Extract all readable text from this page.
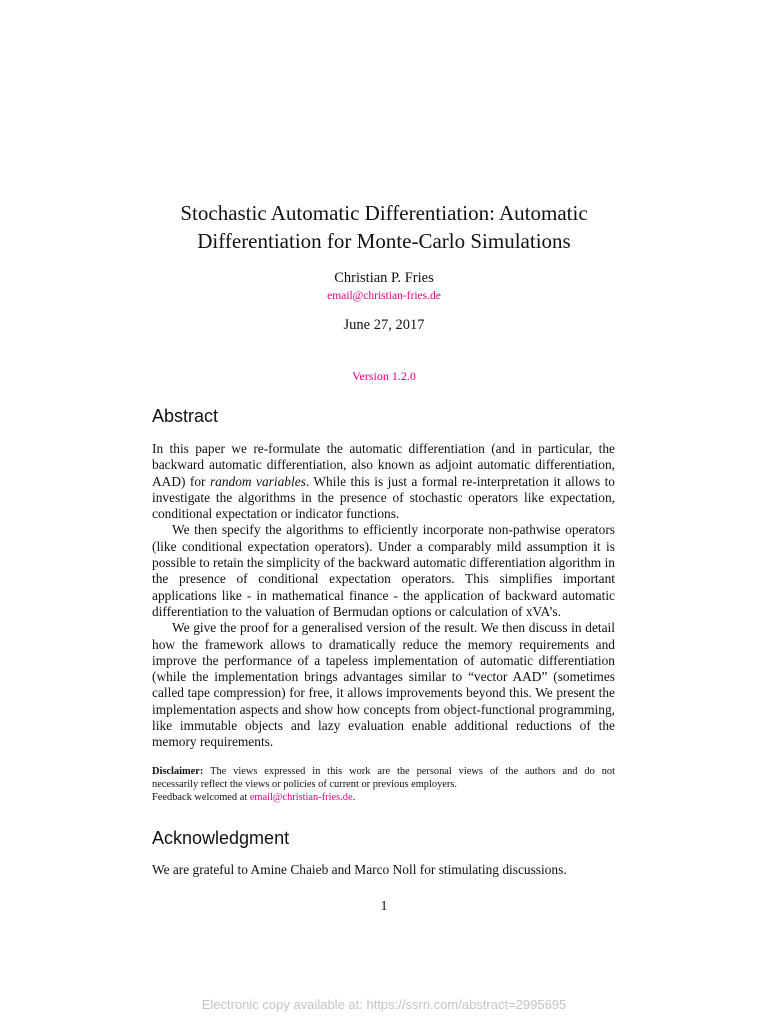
Stochastic Automatic Differentiation: Automatic
Differentiation for Monte-Carlo Simulations
Christian P. Fries
email@christian-fries.de
June 27, 2017
Version 1.2.0
Abstract

In this paper we re-formulate the automatic differentiation (and in particular, the backward automatic differentiation, also known as adjoint automatic differentiation, AAD) for random variables. While this is just a formal re-interpretation it allows to investigate the algorithms in the presence of stochastic operators like expectation, conditional expectation or indicator functions.

We then specify the algorithms to efficiently incorporate non-pathwise operators (like conditional expectation operators). Under a comparably mild assumption it is possible to retain the simplicity of the backward automatic differentiation algorithm in the presence of conditional expectation operators. This simplifies important applications like - in mathematical finance - the application of backward automatic differentiation to the valuation of Bermudan options or calculation of xVA’s.

We give the proof for a generalised version of the result. We then discuss in detail how the framework allows to dramatically reduce the memory requirements and improve the performance of a tapeless implementation of automatic differentiation (while the implementation brings advantages similar to “vector AAD” (sometimes called tape compression) for free, it allows improvements beyond this. We present the implementation aspects and show how concepts from object-functional programming, like immutable objects and lazy evaluation enable additional reductions of the memory requirements.

Disclaimer: The views expressed in this work are the personal views of the authors and do not
necessarily reflect the views or policies of current or previous employers.
Feedback welcomed at email@christian-fries.de.
Acknowledgment
We are grateful to Amine Chaieb and Marco Noll for stimulating discussions.
1
Electronic copy available at: https://ssrn.com/abstract=2995695
